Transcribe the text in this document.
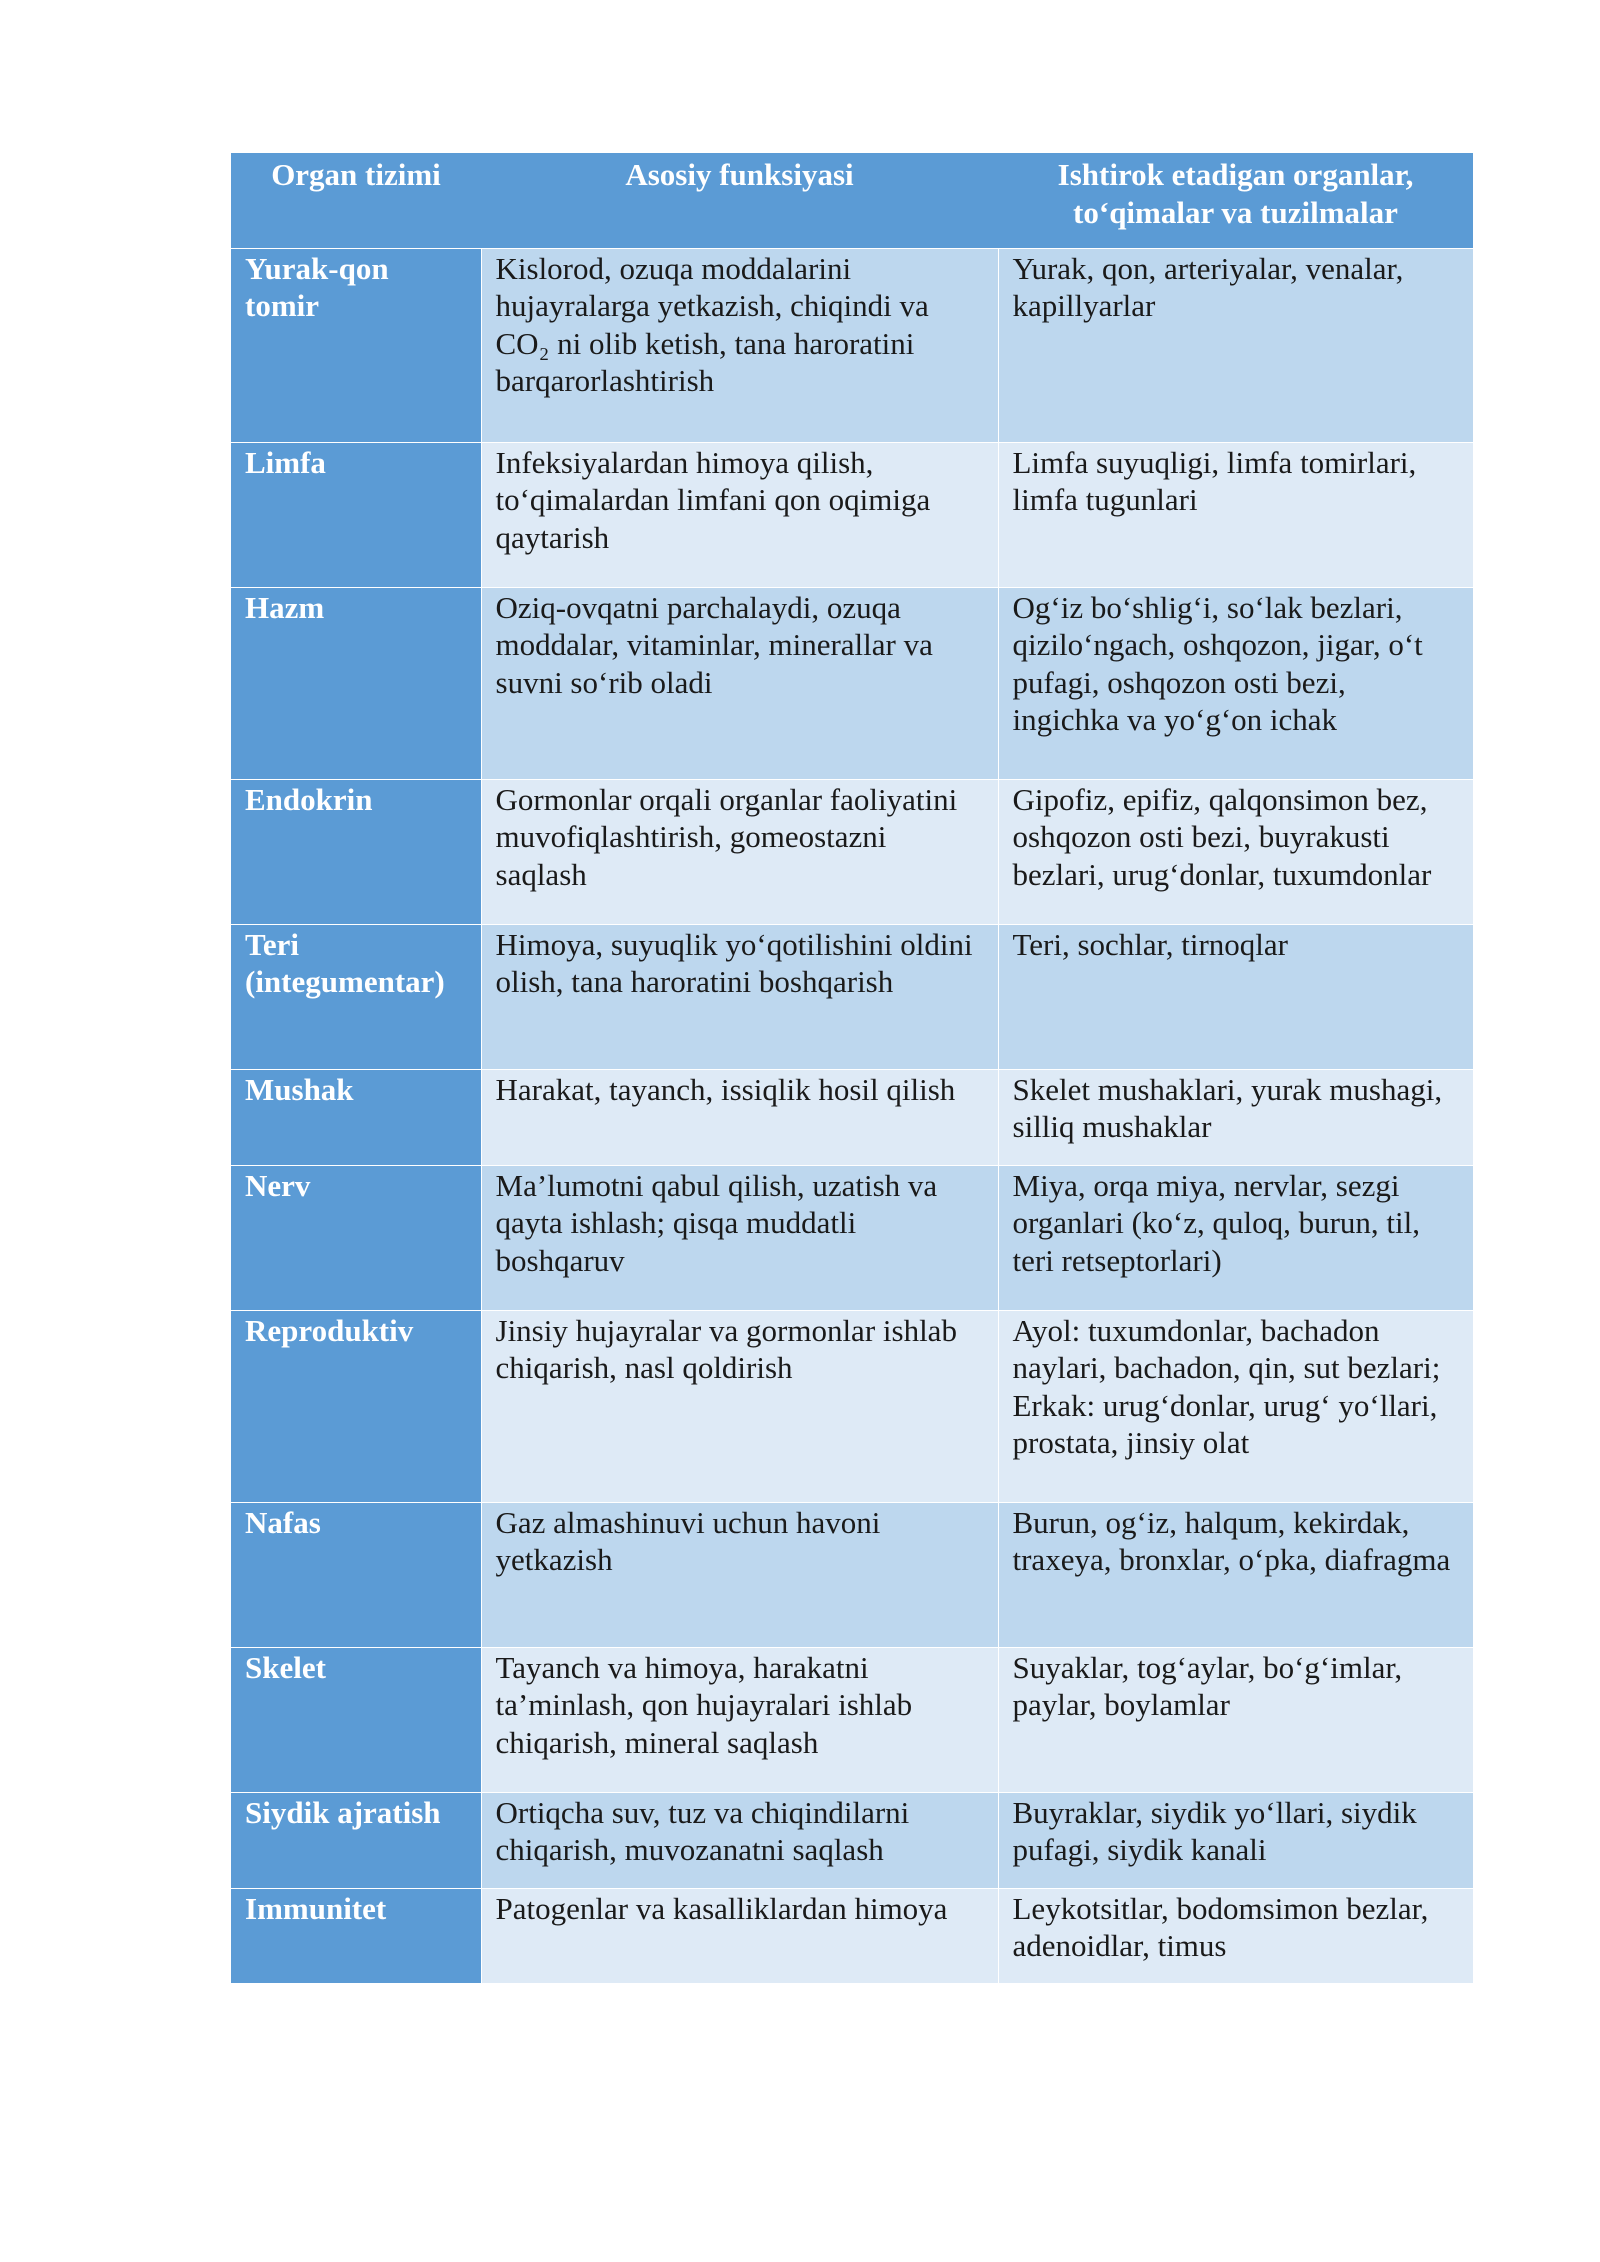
Organ tizimi	Asosiy funksiyasi	Ishtirok etadigan organlar, to‘qimalar va tuzilmalar
Yurak-qon tomir	Kislorod, ozuqa moddalarini hujayralarga yetkazish, chiqindi va CO₂ ni olib ketish, tana haroratini barqarorlashtirish	Yurak, qon, arteriyalar, venalar, kapillyarlar
Limfa	Infeksiyalardan himoya qilish, to‘qimalardan limfani qon oqimiga qaytarish	Limfa suyuqligi, limfa tomirlari, limfa tugunlari
Hazm	Oziq-ovqatni parchalaydi, ozuqa moddalar, vitaminlar, minerallar va suvni so‘rib oladi	Og‘iz bo‘shlig‘i, so‘lak bezlari, qizilo‘ngach, oshqozon, jigar, o‘t pufagi, oshqozon osti bezi, ingichka va yo‘g‘on ichak
Endokrin	Gormonlar orqali organlar faoliyatini muvofiqlashtirish, gomeostazni saqlash	Gipofiz, epifiz, qalqonsimon bez, oshqozon osti bezi, buyrakusti bezlari, urug‘donlar, tuxumdonlar
Teri (integumentar)	Himoya, suyuqlik yo‘qotilishini oldini olish, tana haroratini boshqarish	Teri, sochlar, tirnoqlar
Mushak	Harakat, tayanch, issiqlik hosil qilish	Skelet mushaklari, yurak mushagi, silliq mushaklar
Nerv	Ma’lumotni qabul qilish, uzatish va qayta ishlash; qisqa muddatli boshqaruv	Miya, orqa miya, nervlar, sezgi organlari (ko‘z, quloq, burun, til, teri retseptorlari)
Reproduktiv	Jinsiy hujayralar va gormonlar ishlab chiqarish, nasl qoldirish	Ayol: tuxumdonlar, bachadon naylari, bachadon, qin, sut bezlari; Erkak: urug‘donlar, urug‘ yo‘llari, prostata, jinsiy olat
Nafas	Gaz almashinuvi uchun havoni yetkazish	Burun, og‘iz, halqum, kekirdak, traxeya, bronxlar, o‘pka, diafragma
Skelet	Tayanch va himoya, harakatni ta’minlash, qon hujayralari ishlab chiqarish, mineral saqlash	Suyaklar, tog‘aylar, bo‘g‘imlar, paylar, boylamlar
Siydik ajratish	Ortiqcha suv, tuz va chiqindilarni chiqarish, muvozanatni saqlash	Buyraklar, siydik yo‘llari, siydik pufagi, siydik kanali
Immunitet	Patogenlar va kasalliklardan himoya	Leykotsitlar, bodomsimon bezlar, adenoidlar, timus
